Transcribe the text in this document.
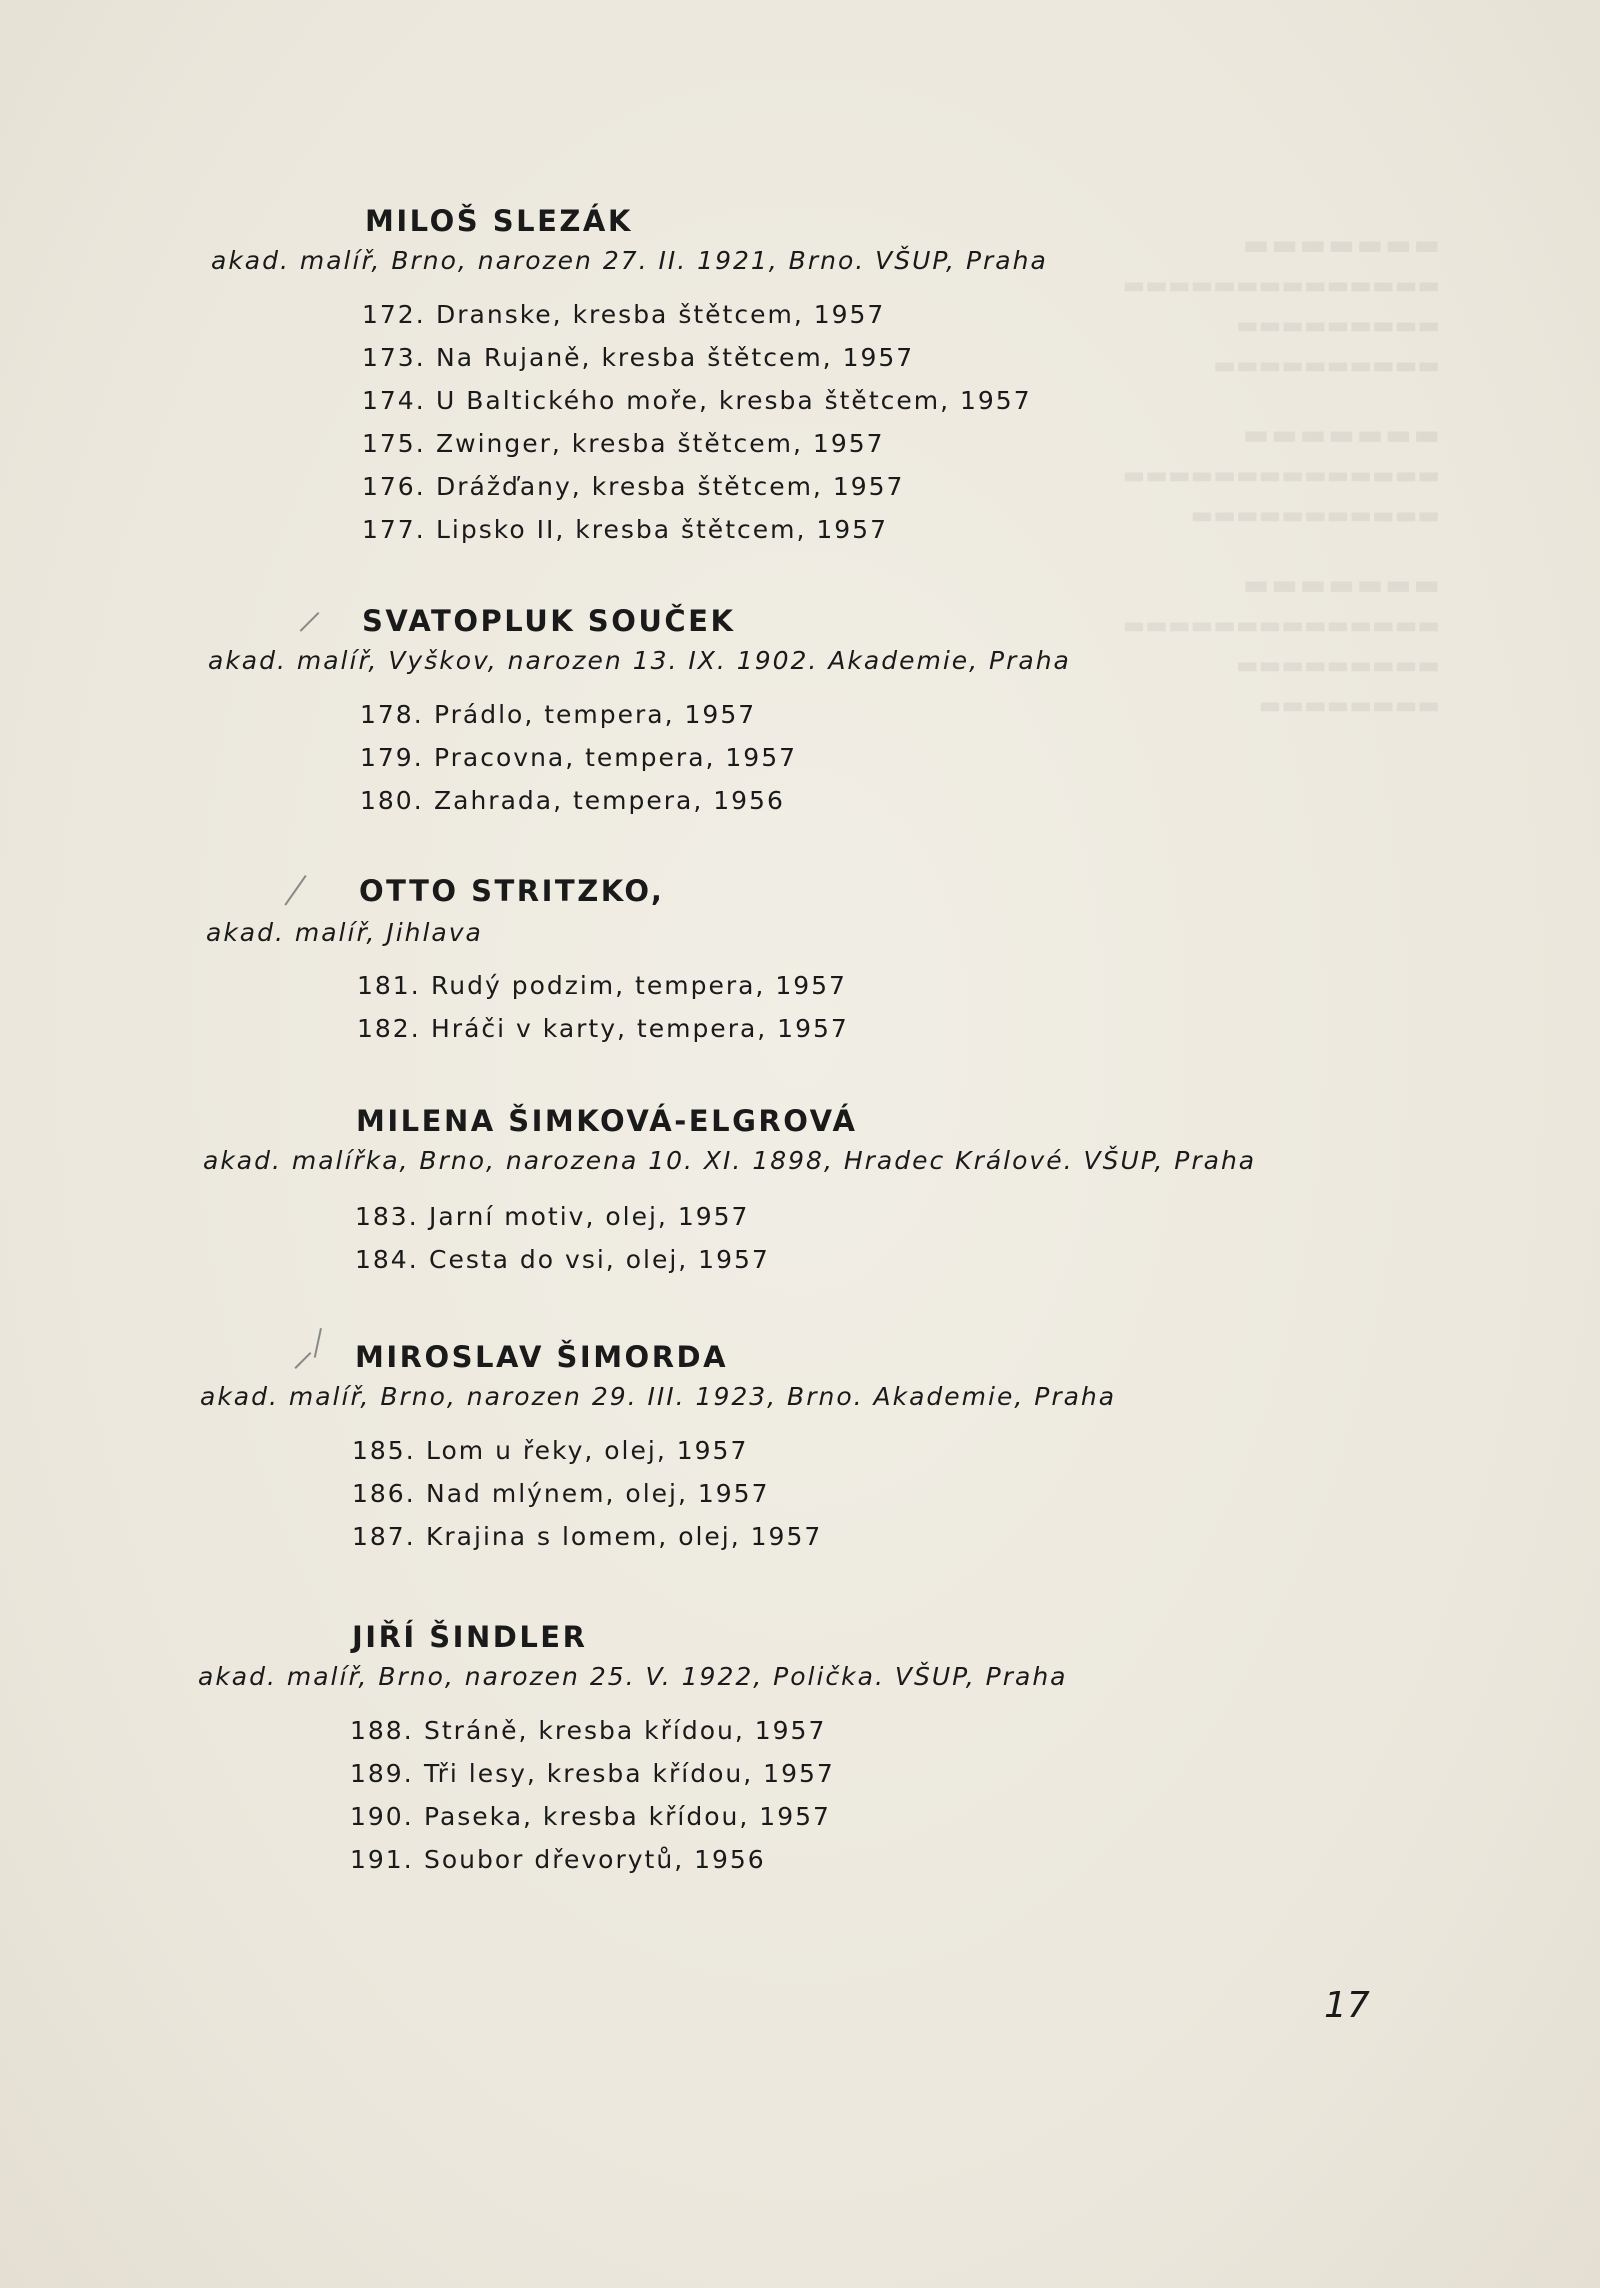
▬▬▬▬▬▬▬
▬▬▬▬▬▬▬▬▬▬▬▬▬▬
▬▬▬▬▬▬▬▬▬
▬▬▬▬▬▬▬▬▬▬
▬▬▬▬▬▬▬
▬▬▬▬▬▬▬▬▬▬▬▬▬▬
▬▬▬▬▬▬▬▬▬▬▬
▬▬▬▬▬▬▬
▬▬▬▬▬▬▬▬▬▬▬▬▬▬
▬▬▬▬▬▬▬▬▬
▬▬▬▬▬▬▬▬
MILOŠ SLEZÁK
akad. malíř, Brno, narozen 27. II. 1921, Brno. VŠUP, Praha
172. Dranske, kresba štětcem, 1957
173. Na Rujaně, kresba štětcem, 1957
174. U Baltického moře, kresba štětcem, 1957
175. Zwinger, kresba štětcem, 1957
176. Drážďany, kresba štětcem, 1957
177. Lipsko II, kresba štětcem, 1957
SVATOPLUK SOUČEK
akad. malíř, Vyškov, narozen 13. IX. 1902. Akademie, Praha
178. Prádlo, tempera, 1957
179. Pracovna, tempera, 1957
180. Zahrada, tempera, 1956
OTTO STRITZKO,
akad. malíř, Jihlava
181. Rudý podzim, tempera, 1957
182. Hráči v karty, tempera, 1957
MILENA ŠIMKOVÁ-ELGROVÁ
akad. malířka, Brno, narozena 10. XI. 1898, Hradec Králové. VŠUP, Praha
183. Jarní motiv, olej, 1957
184. Cesta do vsi, olej, 1957
MIROSLAV ŠIMORDA
akad. malíř, Brno, narozen 29. III. 1923, Brno. Akademie, Praha
185. Lom u řeky, olej, 1957
186. Nad mlýnem, olej, 1957
187. Krajina s lomem, olej, 1957
JIŘÍ ŠINDLER
akad. malíř, Brno, narozen 25. V. 1922, Polička. VŠUP, Praha
188. Stráně, kresba křídou, 1957
189. Tři lesy, kresba křídou, 1957
190. Paseka, kresba křídou, 1957
191. Soubor dřevorytů, 1956
17
